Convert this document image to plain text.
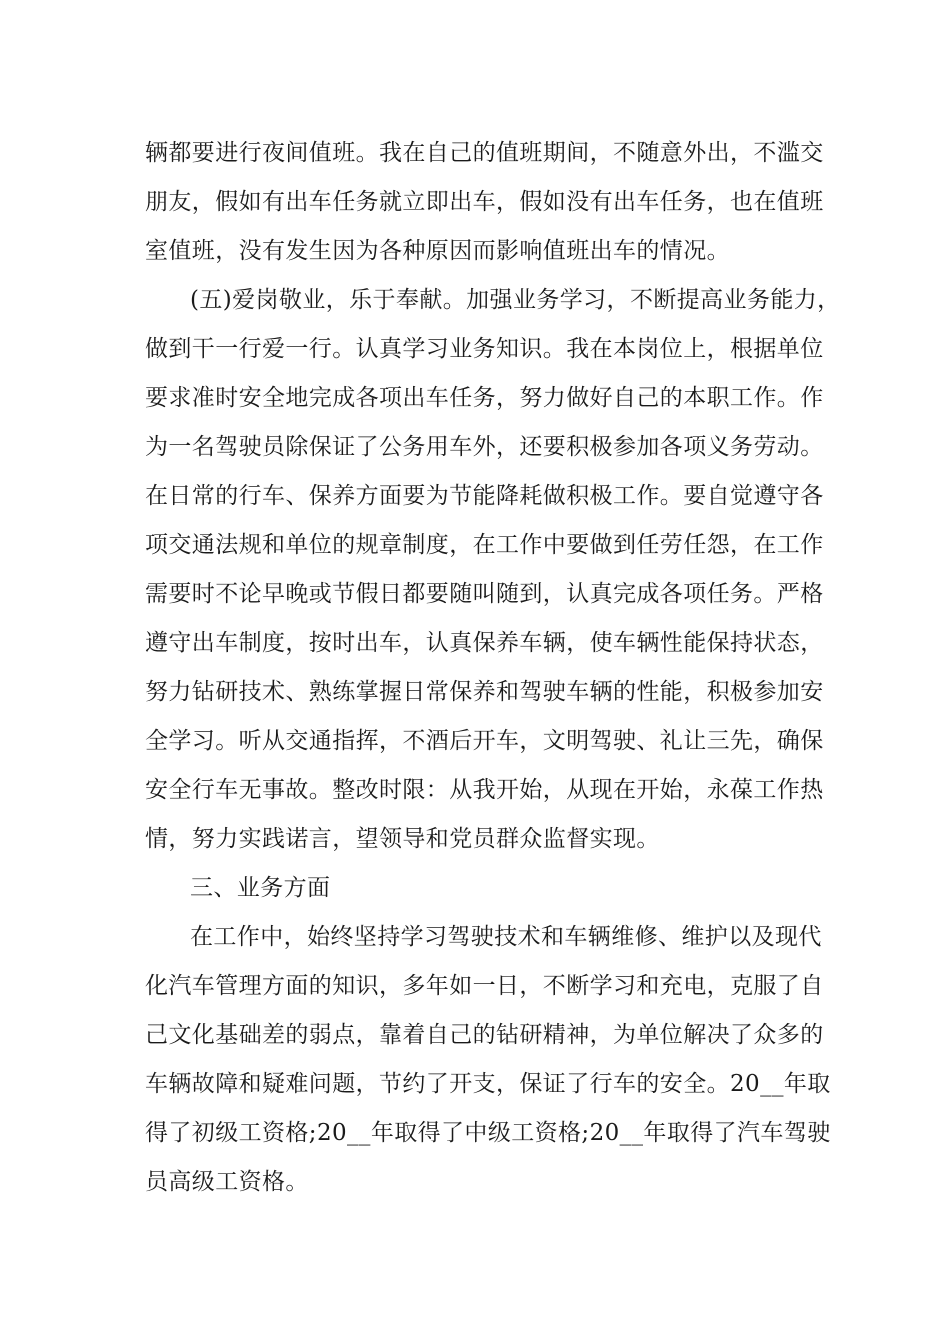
辆都要进行夜间值班。我在自己的值班期间，不随意外出，不滥交
朋友，假如有出车任务就立即出车，假如没有出车任务，也在值班
室值班，没有发生因为各种原因而影响值班出车的情况。
(五)爱岗敬业，乐于奉献。加强业务学习，不断提高业务能力，
做到干一行爱一行。认真学习业务知识。我在本岗位上，根据单位
要求准时安全地完成各项出车任务，努力做好自己的本职工作。作
为一名驾驶员除保证了公务用车外，还要积极参加各项义务劳动。
在日常的行车、保养方面要为节能降耗做积极工作。要自觉遵守各
项交通法规和单位的规章制度，在工作中要做到任劳任怨，在工作
需要时不论早晚或节假日都要随叫随到，认真完成各项任务。严格
遵守出车制度，按时出车，认真保养车辆，使车辆性能保持状态，
努力钻研技术、熟练掌握日常保养和驾驶车辆的性能，积极参加安
全学习。听从交通指挥，不酒后开车，文明驾驶、礼让三先，确保
安全行车无事故。整改时限：从我开始，从现在开始，永葆工作热
情，努力实践诺言，望领导和党员群众监督实现。
三、业务方面
在工作中，始终坚持学习驾驶技术和车辆维修、维护以及现代
化汽车管理方面的知识，多年如一日，不断学习和充电，克服了自
己文化基础差的弱点，靠着自己的钻研精神，为单位解决了众多的
车辆故障和疑难问题，节约了开支，保证了行车的安全。20__年取
得了初级工资格;20__年取得了中级工资格;20__年取得了汽车驾驶
员高级工资格。
